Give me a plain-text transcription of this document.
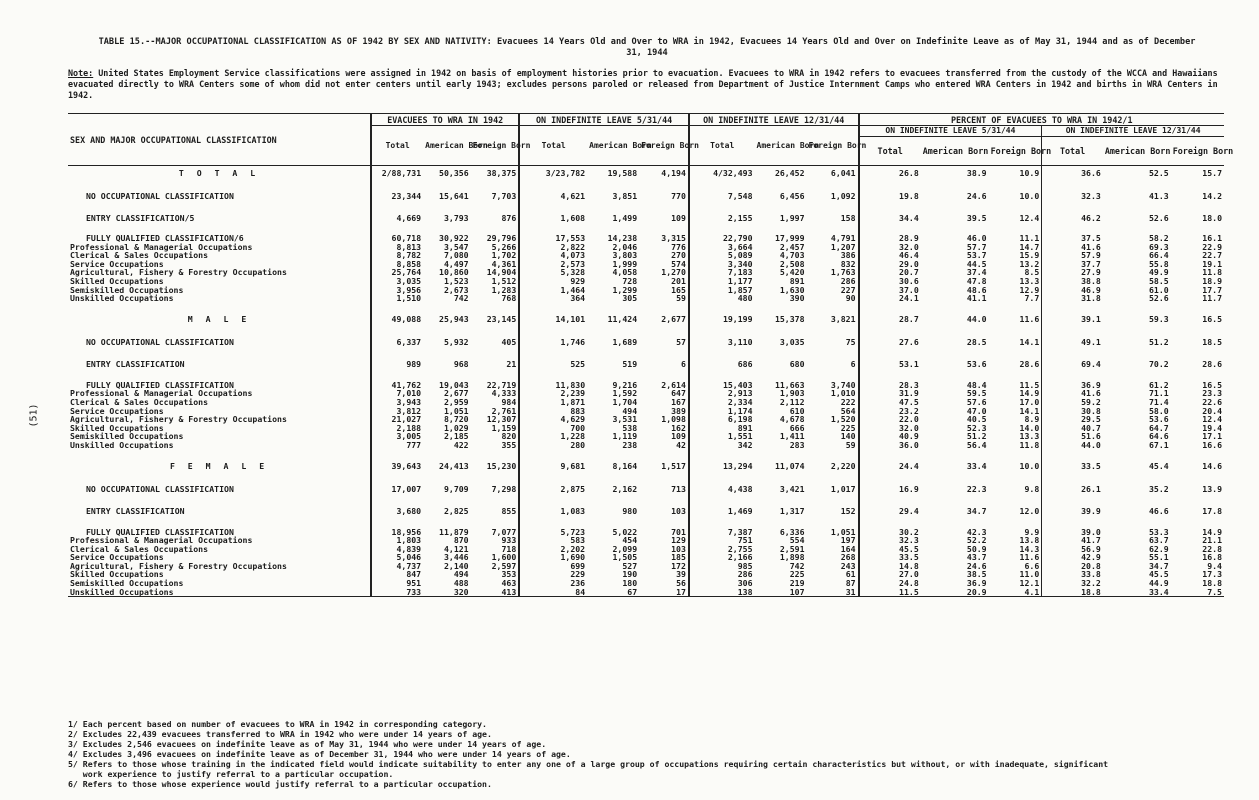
TABLE 15.--MAJOR OCCUPATIONAL CLASSIFICATION AS OF 1942 BY SEX AND NATIVITY: Evacuees 14 Years Old and Over to WRA in 1942, Evacuees 14 Years Old and Over on Indefinite Leave as of May 31, 1944 and as of December 31, 1944
Note: United States Employment Service classifications were assigned in 1942 on basis of employment histories prior to evacuation. Evacuees to WRA in 1942 refers to evacuees transferred from the custody of the WCCA and Hawaiians evacuated directly to WRA Centers some of whom did not enter centers until early 1943; excludes persons paroled or released from Department of Justice Internment Camps who entered WRA Centers in 1942 and births in WRA Centers in 1942.
(51)
SEX AND MAJOR OCCUPATIONAL CLASSIFICATION	EVACUEES TO WRA IN 1942			ON INDEFINITE LEAVE 5/31/44			ON INDEFINITE LEAVE 12/31/44			PERCENT OF EVACUEES TO WRA IN 1942/1					
	Total	American Born	Foreign Born	Total	American Born	Foreign Born	Total	American Born	Foreign Born	ON INDEFINITE LEAVE 5/31/44			ON INDEFINITE LEAVE 12/31/44		
										Total	American Born	Foreign Born	Total	American Born	Foreign Born
T O T A L	2/88,731	50,356	38,375	3/23,782	19,588	4,194	4/32,493	26,452	6,041	26.8	38.9	10.9	36.6	52.5	15.7

NO OCCUPATIONAL CLASSIFICATION	23,344	15,641	7,703	4,621	3,851	770	7,548	6,456	1,092	19.8	24.6	10.0	32.3	41.3	14.2

ENTRY CLASSIFICATION/5	4,669	3,793	876	1,608	1,499	109	2,155	1,997	158	34.4	39.5	12.4	46.2	52.6	18.0

FULLY QUALIFIED CLASSIFICATION/6	60,718	30,922	29,796	17,553	14,238	3,315	22,790	17,999	4,791	28.9	46.0	11.1	37.5	58.2	16.1
Professional & Managerial Occupations	8,813	3,547	5,266	2,822	2,046	776	3,664	2,457	1,207	32.0	57.7	14.7	41.6	69.3	22.9
Clerical & Sales Occupations	8,782	7,080	1,702	4,073	3,803	270	5,089	4,703	386	46.4	53.7	15.9	57.9	66.4	22.7
Service Occupations	8,858	4,497	4,361	2,573	1,999	574	3,340	2,508	832	29.0	44.5	13.2	37.7	55.8	19.1
Agricultural, Fishery & Forestry Occupations	25,764	10,860	14,904	5,328	4,058	1,270	7,183	5,420	1,763	20.7	37.4	8.5	27.9	49.9	11.8
Skilled Occupations	3,035	1,523	1,512	929	728	201	1,177	891	286	30.6	47.8	13.3	38.8	58.5	18.9
Semiskilled Occupations	3,956	2,673	1,283	1,464	1,299	165	1,857	1,630	227	37.0	48.6	12.9	46.9	61.0	17.7
Unskilled Occupations	1,510	742	768	364	305	59	480	390	90	24.1	41.1	7.7	31.8	52.6	11.7

M A L E	49,088	25,943	23,145	14,101	11,424	2,677	19,199	15,378	3,821	28.7	44.0	11.6	39.1	59.3	16.5

NO OCCUPATIONAL CLASSIFICATION	6,337	5,932	405	1,746	1,689	57	3,110	3,035	75	27.6	28.5	14.1	49.1	51.2	18.5

ENTRY CLASSIFICATION	989	968	21	525	519	6	686	680	6	53.1	53.6	28.6	69.4	70.2	28.6

FULLY QUALIFIED CLASSIFICATION	41,762	19,043	22,719	11,830	9,216	2,614	15,403	11,663	3,740	28.3	48.4	11.5	36.9	61.2	16.5
Professional & Managerial Occupations	7,010	2,677	4,333	2,239	1,592	647	2,913	1,903	1,010	31.9	59.5	14.9	41.6	71.1	23.3
Clerical & Sales Occupations	3,943	2,959	984	1,871	1,704	167	2,334	2,112	222	47.5	57.6	17.0	59.2	71.4	22.6
Service Occupations	3,812	1,051	2,761	883	494	389	1,174	610	564	23.2	47.0	14.1	30.8	58.0	20.4
Agricultural, Fishery & Forestry Occupations	21,027	8,720	12,307	4,629	3,531	1,098	6,198	4,678	1,520	22.0	40.5	8.9	29.5	53.6	12.4
Skilled Occupations	2,188	1,029	1,159	700	538	162	891	666	225	32.0	52.3	14.0	40.7	64.7	19.4
Semiskilled Occupations	3,005	2,185	820	1,228	1,119	109	1,551	1,411	140	40.9	51.2	13.3	51.6	64.6	17.1
Unskilled Occupations	777	422	355	280	238	42	342	283	59	36.0	56.4	11.8	44.0	67.1	16.6

F E M A L E	39,643	24,413	15,230	9,681	8,164	1,517	13,294	11,074	2,220	24.4	33.4	10.0	33.5	45.4	14.6

NO OCCUPATIONAL CLASSIFICATION	17,007	9,709	7,298	2,875	2,162	713	4,438	3,421	1,017	16.9	22.3	9.8	26.1	35.2	13.9

ENTRY CLASSIFICATION	3,680	2,825	855	1,083	980	103	1,469	1,317	152	29.4	34.7	12.0	39.9	46.6	17.8

FULLY QUALIFIED CLASSIFICATION	18,956	11,879	7,077	5,723	5,022	701	7,387	6,336	1,051	30.2	42.3	9.9	39.0	53.3	14.9
Professional & Managerial Occupations	1,803	870	933	583	454	129	751	554	197	32.3	52.2	13.8	41.7	63.7	21.1
Clerical & Sales Occupations	4,839	4,121	718	2,202	2,099	103	2,755	2,591	164	45.5	50.9	14.3	56.9	62.9	22.8
Service Occupations	5,046	3,446	1,600	1,690	1,505	185	2,166	1,898	268	33.5	43.7	11.6	42.9	55.1	16.8
Agricultural, Fishery & Forestry Occupations	4,737	2,140	2,597	699	527	172	985	742	243	14.8	24.6	6.6	20.8	34.7	9.4
Skilled Occupations	847	494	353	229	190	39	286	225	61	27.0	38.5	11.0	33.8	45.5	17.3
Semiskilled Occupations	951	488	463	236	180	56	306	219	87	24.8	36.9	12.1	32.2	44.9	18.8
Unskilled Occupations	733	320	413	84	67	17	138	107	31	11.5	20.9	4.1	18.8	33.4	7.5
1/ Each percent based on number of evacuees to WRA in 1942 in corresponding category.
2/ Excludes 22,439 evacuees transferred to WRA in 1942 who were under 14 years of age.
3/ Excludes 2,546 evacuees on indefinite leave as of May 31, 1944 who were under 14 years of age.
4/ Excludes 3,496 evacuees on indefinite leave as of December 31, 1944 who were under 14 years of age.
5/ Refers to those whose training in the indicated field would indicate suitability to enter any one of a large group of occupations requiring certain characteristics but without, or with inadequate, significant
work experience to justify referral to a particular occupation.
6/ Refers to those whose experience would justify referral to a particular occupation.
